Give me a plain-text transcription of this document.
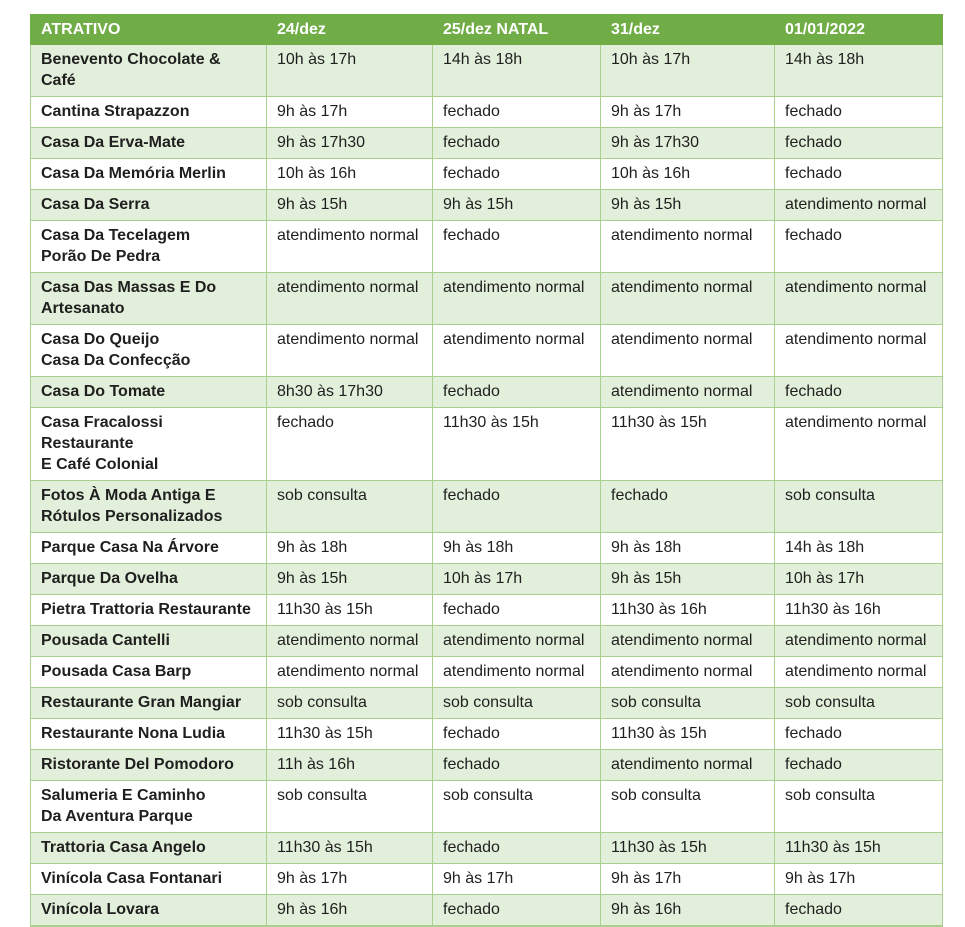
ATRATIVO	24/dez	25/dez NATAL	31/dez	01/01/2022
Benevento Chocolate & Café	10h às 17h	14h às 18h	10h às 17h	14h às 18h
Cantina Strapazzon	9h às 17h	fechado	9h às 17h	fechado
Casa Da Erva-Mate	9h às 17h30	fechado	9h às 17h30	fechado
Casa Da Memória Merlin	10h às 16h	fechado	10h às 16h	fechado
Casa Da Serra	9h às 15h	9h às 15h	9h às 15h	atendimento normal
Casa Da Tecelagem
Porão De Pedra	atendimento normal	fechado	atendimento normal	fechado
Casa Das Massas E Do
Artesanato	atendimento normal	atendimento normal	atendimento normal	atendimento normal
Casa Do Queijo
Casa Da Confecção	atendimento normal	atendimento normal	atendimento normal	atendimento normal
Casa Do Tomate	8h30 às 17h30	fechado	atendimento normal	fechado
Casa Fracalossi Restaurante
E Café Colonial	fechado	11h30 às 15h	11h30 às 15h	atendimento normal
Fotos À Moda Antiga E
Rótulos Personalizados	sob consulta	fechado	fechado	sob consulta
Parque Casa Na Árvore	9h às 18h	9h às 18h	9h às 18h	14h às 18h
Parque Da Ovelha	9h às 15h	10h às 17h	9h às 15h	10h às 17h
Pietra Trattoria Restaurante	11h30 às 15h	fechado	11h30 às 16h	11h30 às 16h
Pousada Cantelli	atendimento normal	atendimento normal	atendimento normal	atendimento normal
Pousada Casa Barp	atendimento normal	atendimento normal	atendimento normal	atendimento normal
Restaurante Gran Mangiar	sob consulta	sob consulta	sob consulta	sob consulta
Restaurante Nona Ludia	11h30 às 15h	fechado	11h30 às 15h	fechado
Ristorante Del Pomodoro	11h às 16h	fechado	atendimento normal	fechado
Salumeria E Caminho
Da Aventura Parque	sob consulta	sob consulta	sob consulta	sob consulta
Trattoria Casa Angelo	11h30 às 15h	fechado	11h30 às 15h	11h30 às 15h
Vinícola Casa Fontanari	9h às 17h	9h às 17h	9h às 17h	9h às 17h
Vinícola Lovara	9h às 16h	fechado	9h às 16h	fechado
